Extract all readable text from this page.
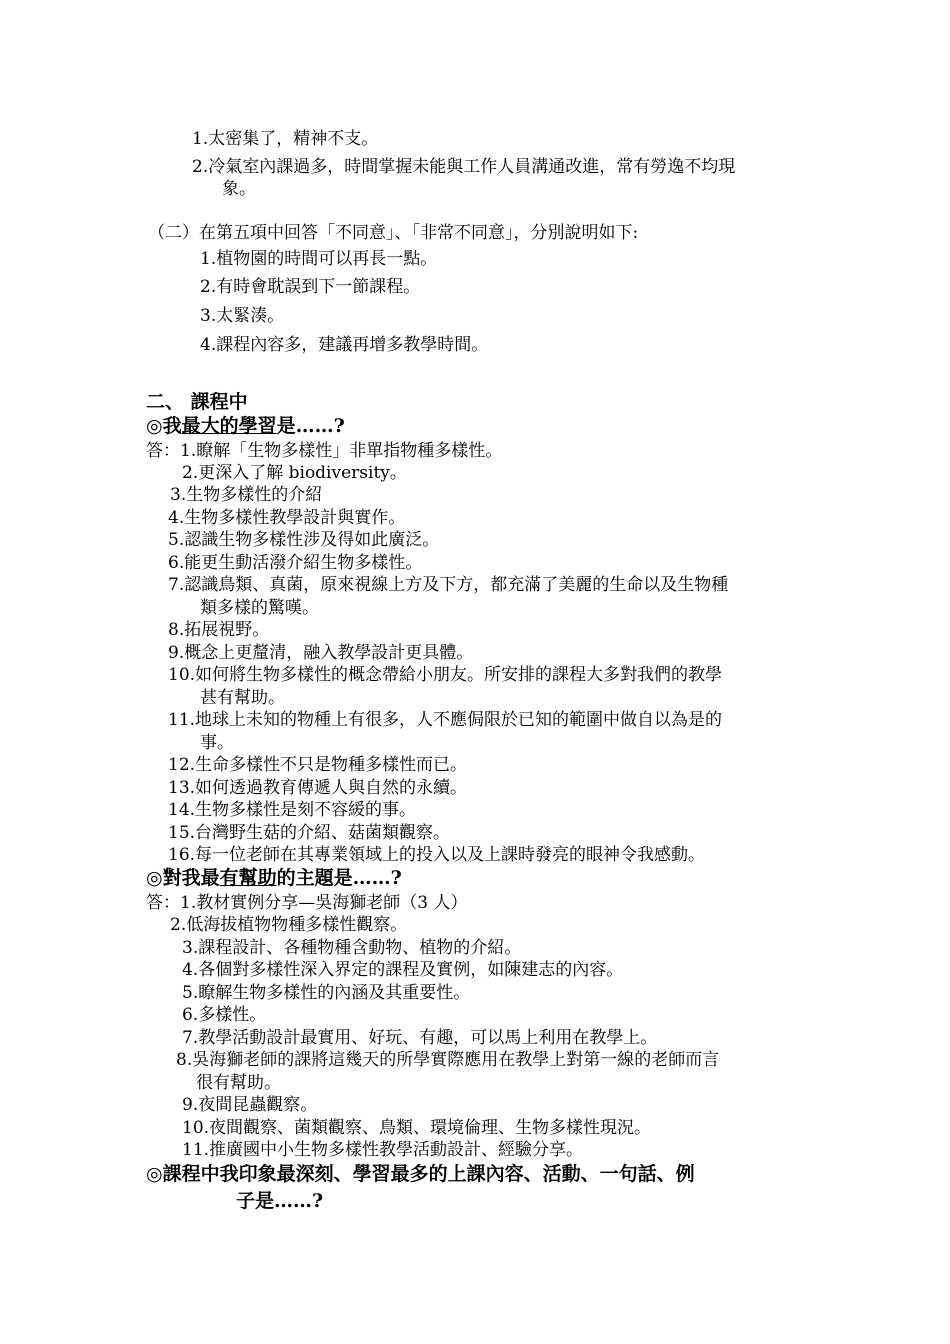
1.太密集了，精神不支。
2.冷氣室內課過多，時間掌握未能與工作人員溝通改進，常有勞逸不均現
象。
（二）在第五項中回答「不同意」、「非常不同意」，分別說明如下:
1.植物園的時間可以再長一點。
2.有時會耽誤到下一節課程。
3.太緊湊。
4.課程內容多，建議再增多教學時間。
二、 課程中
◎我最大的學習是……?
答：1.瞭解「生物多樣性」非單指物種多樣性。
2.更深入了解 biodiversity。
3.生物多樣性的介紹
4.生物多樣性教學設計與實作。
5.認識生物多樣性涉及得如此廣泛。
6.能更生動活潑介紹生物多樣性。
7.認識鳥類、真菌，原來視線上方及下方，都充滿了美麗的生命以及生物種
類多樣的驚嘆。
8.拓展視野。
9.概念上更釐清，融入教學設計更具體。
10.如何將生物多樣性的概念帶給小朋友。所安排的課程大多對我們的教學
甚有幫助。
11.地球上未知的物種上有很多，人不應侷限於已知的範圍中做自以為是的
事。
12.生命多樣性不只是物種多樣性而已。
13.如何透過教育傳遞人與自然的永續。
14.生物多樣性是刻不容緩的事。
15.台灣野生菇的介紹、菇菌類觀察。
16.每一位老師在其專業領域上的投入以及上課時發亮的眼神令我感動。
◎對我最有幫助的主題是……?
答：1.教材實例分享—吳海獅老師（3 人）
2.低海拔植物物種多樣性觀察。
3.課程設計、各種物種含動物、植物的介紹。
4.各個對多樣性深入界定的課程及實例，如陳建志的內容。
5.瞭解生物多樣性的內涵及其重要性。
6.多樣性。
7.教學活動設計最實用、好玩、有趣，可以馬上利用在教學上。
8.吳海獅老師的課將這幾天的所學實際應用在教學上對第一線的老師而言
很有幫助。
9.夜間昆蟲觀察。
10.夜間觀察、菌類觀察、鳥類、環境倫理、生物多樣性現況。
11.推廣國中小生物多樣性教學活動設計、經驗分享。
◎課程中我印象最深刻、學習最多的上課內容、活動、一句話、例
子是……?
